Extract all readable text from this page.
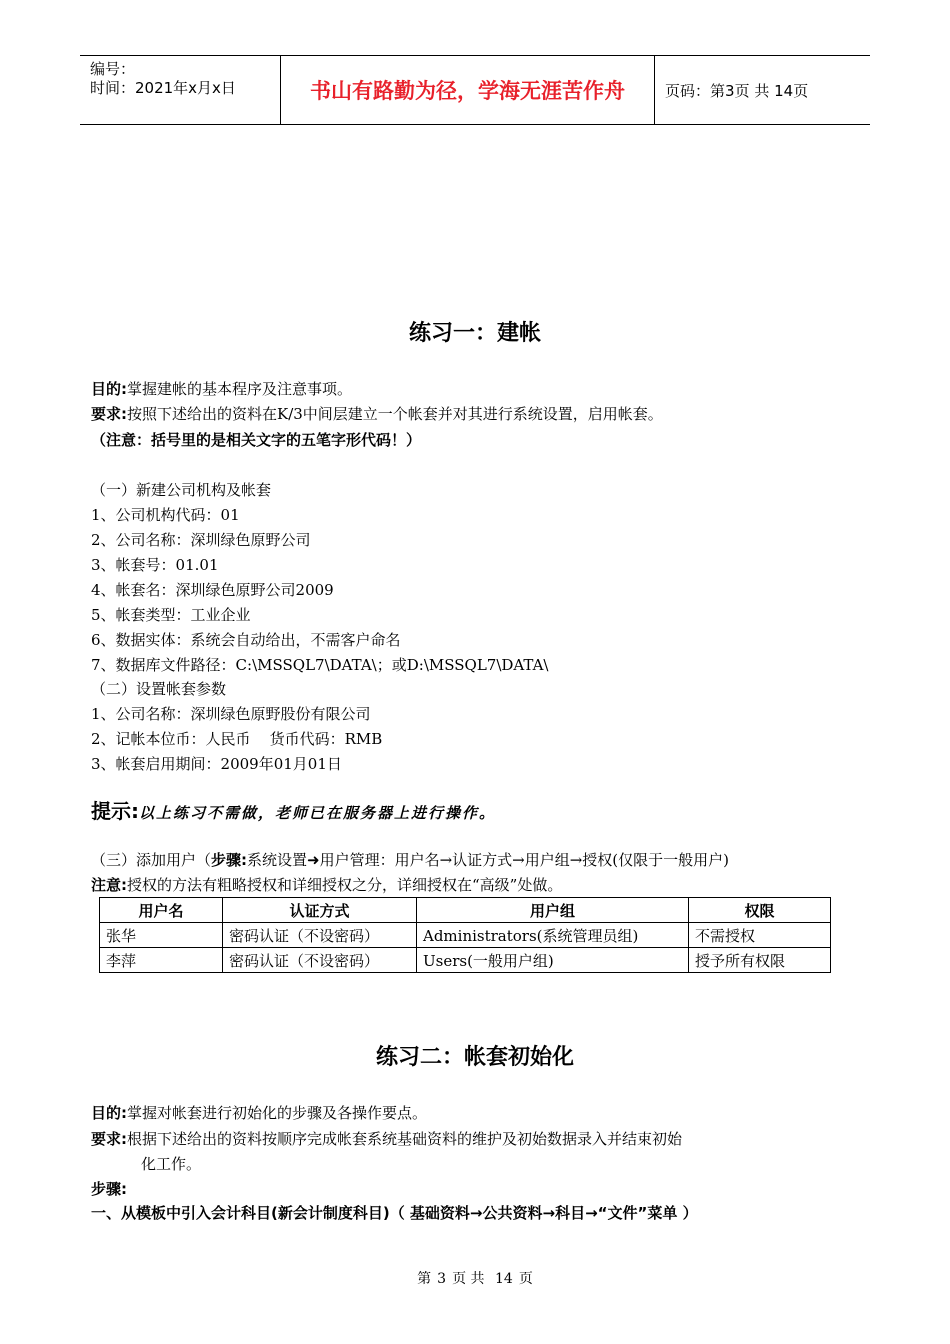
编号：
时间：2021年x月x日	书山有路勤为径，学海无涯苦作舟	页码：第3页 共 14页
练习一：建帐
目的:掌握建帐的基本程序及注意事项。
要求:按照下述给出的资料在K/3中间层建立一个帐套并对其进行系统设置，启用帐套。
（注意：括号里的是相关文字的五笔字形代码！）
（一）新建公司机构及帐套
1、公司机构代码：01
2、公司名称：深圳绿色原野公司
3、帐套号：01.01
4、帐套名：深圳绿色原野公司2009
5、帐套类型：工业企业
6、数据实体：系统会自动给出，不需客户命名
7、数据库文件路径：C:\MSSQL7\DATA\；或D:\MSSQL7\DATA\
（二）设置帐套参数
1、公司名称：深圳绿色原野股份有限公司
2、记帐本位币：人民币    货币代码：RMB
3、帐套启用期间：2009年01月01日
提示:以上练习不需做，老师已在服务器上进行操作。
（三）添加用户（步骤:系统设置➜用户管理：用户名→认证方式→用户组→授权(仅限于一般用户)
注意:授权的方法有粗略授权和详细授权之分，详细授权在“高级”处做。
用户名	认证方式	用户组	权限
张华	密码认证（不设密码）	Administrators(系统管理员组)	不需授权
李萍	密码认证（不设密码）	Users(一般用户组)	授予所有权限
练习二：帐套初始化
目的:掌握对帐套进行初始化的步骤及各操作要点。
要求:根据下述给出的资料按顺序完成帐套系统基础资料的维护及初始数据录入并结束初始
化工作。
步骤:
一、从模板中引入会计科目(新会计制度科目)（ 基础资料→公共资料→科目→“文件”菜单 ）
第 3 页 共 14 页
